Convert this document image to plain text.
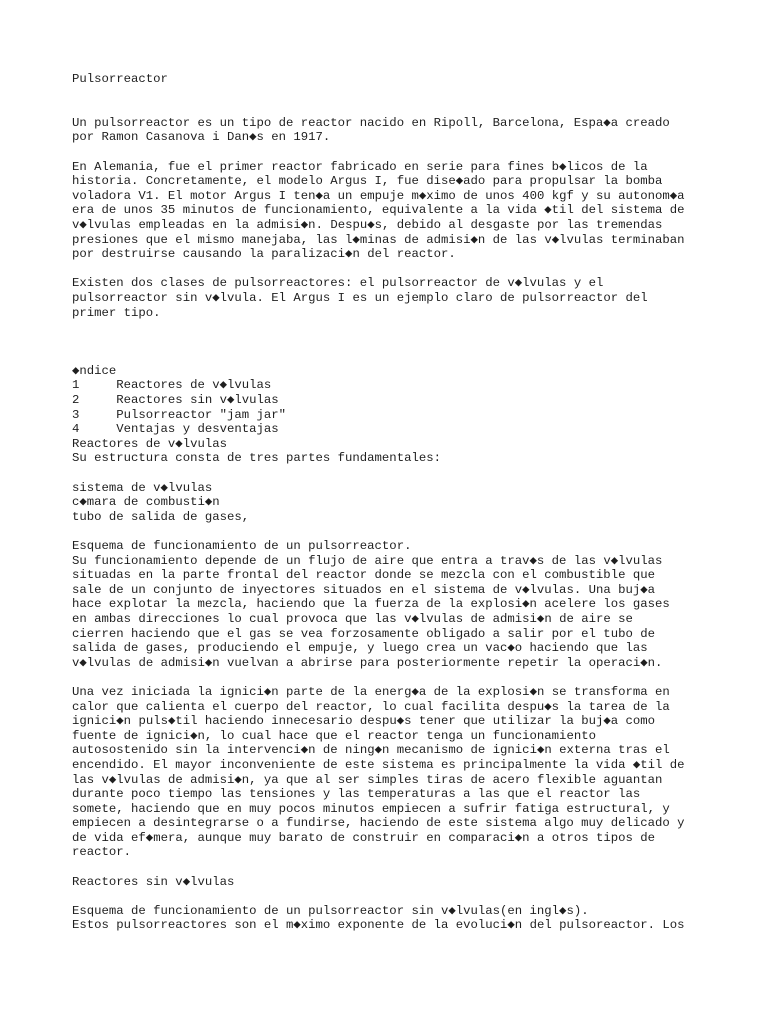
Pulsorreactor
Un pulsorreactor es un tipo de reactor nacido en Ripoll, Barcelona, Espa◆a creado
por Ramon Casanova i Dan◆s en 1917.
En Alemania, fue el primer reactor fabricado en serie para fines b◆licos de la
historia. Concretamente, el modelo Argus I, fue dise◆ado para propulsar la bomba
voladora V1. El motor Argus I ten◆a un empuje m◆ximo de unos 400 kgf y su autonom◆a
era de unos 35 minutos de funcionamiento, equivalente a la vida ◆til del sistema de
v◆lvulas empleadas en la admisi◆n. Despu◆s, debido al desgaste por las tremendas
presiones que el mismo manejaba, las l◆minas de admisi◆n de las v◆lvulas terminaban
por destruirse causando la paralizaci◆n del reactor.
Existen dos clases de pulsorreactores: el pulsorreactor de v◆lvulas y el
pulsorreactor sin v◆lvula. El Argus I es un ejemplo claro de pulsorreactor del
primer tipo.
◆ndice
1     Reactores de v◆lvulas
2     Reactores sin v◆lvulas
3     Pulsorreactor "jam jar"
4     Ventajas y desventajas
Reactores de v◆lvulas
Su estructura consta de tres partes fundamentales:
sistema de v◆lvulas
c◆mara de combusti◆n
tubo de salida de gases,
Esquema de funcionamiento de un pulsorreactor.
Su funcionamiento depende de un flujo de aire que entra a trav◆s de las v◆lvulas
situadas en la parte frontal del reactor donde se mezcla con el combustible que
sale de un conjunto de inyectores situados en el sistema de v◆lvulas. Una buj◆a
hace explotar la mezcla, haciendo que la fuerza de la explosi◆n acelere los gases
en ambas direcciones lo cual provoca que las v◆lvulas de admisi◆n de aire se
cierren haciendo que el gas se vea forzosamente obligado a salir por el tubo de
salida de gases, produciendo el empuje, y luego crea un vac◆o haciendo que las
v◆lvulas de admisi◆n vuelvan a abrirse para posteriormente repetir la operaci◆n.
Una vez iniciada la ignici◆n parte de la energ◆a de la explosi◆n se transforma en
calor que calienta el cuerpo del reactor, lo cual facilita despu◆s la tarea de la
ignici◆n puls◆til haciendo innecesario despu◆s tener que utilizar la buj◆a como
fuente de ignici◆n, lo cual hace que el reactor tenga un funcionamiento
autosostenido sin la intervenci◆n de ning◆n mecanismo de ignici◆n externa tras el
encendido. El mayor inconveniente de este sistema es principalmente la vida ◆til de
las v◆lvulas de admisi◆n, ya que al ser simples tiras de acero flexible aguantan
durante poco tiempo las tensiones y las temperaturas a las que el reactor las
somete, haciendo que en muy pocos minutos empiecen a sufrir fatiga estructural, y
empiecen a desintegrarse o a fundirse, haciendo de este sistema algo muy delicado y
de vida ef◆mera, aunque muy barato de construir en comparaci◆n a otros tipos de
reactor.
Reactores sin v◆lvulas
Esquema de funcionamiento de un pulsorreactor sin v◆lvulas(en ingl◆s).
Estos pulsorreactores son el m◆ximo exponente de la evoluci◆n del pulsoreactor. Los
